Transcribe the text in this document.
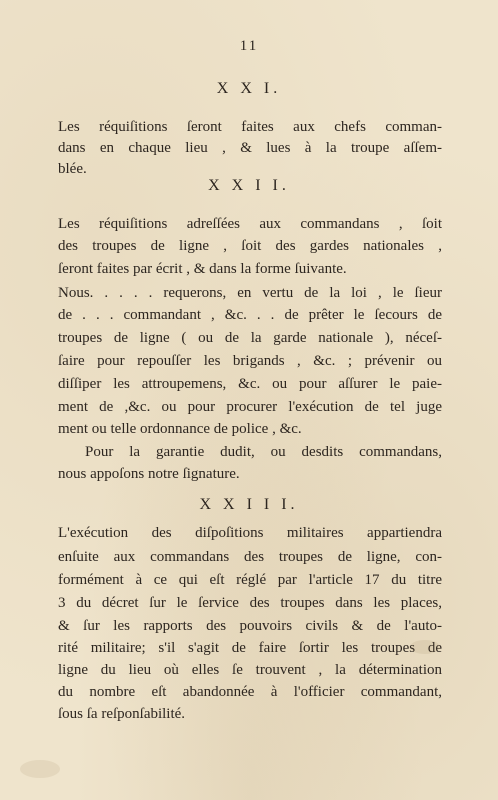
11
X X I.
Les réquiſitions ſeront faites aux chefs comman-
dans en chaque lieu , & lues à la troupe aſſem-
blée.
X X I I.
Les réquiſitions adreſſées aux commandans , ſoit
des troupes de ligne , ſoit des gardes nationales ,
ſeront faites par écrit , & dans la forme ſuivante.
Nous. . . . . requerons, en vertu de la loi , le ſieur
de . . . commandant , &c. . . de prêter le ſecours de
troupes de ligne ( ou de la garde nationale ), néceſ-
ſaire pour repouſſer les brigands , &c. ; prévenir ou
diſſiper les attroupemens, &c. ou pour aſſurer le paie-
ment de ,&c. ou pour procurer l'exécution de tel juge
ment ou telle ordonnance de police , &c.
Pour la garantie dudit, ou desdits commandans,
nous appoſons notre ſignature.
X X I I I.
L'exécution des diſpoſitions militaires appartiendra
enſuite aux commandans des troupes de ligne, con-
formément à ce qui eſt réglé par l'article 17 du titre
3 du décret ſur le ſervice des troupes dans les places,
& ſur les rapports des pouvoirs civils & de l'auto-
rité militaire; s'il s'agit de faire ſortir les troupes de
ligne du lieu où elles ſe trouvent , la détermination
du nombre eſt abandonnée à l'officier commandant,
ſous ſa reſponſabilité.
